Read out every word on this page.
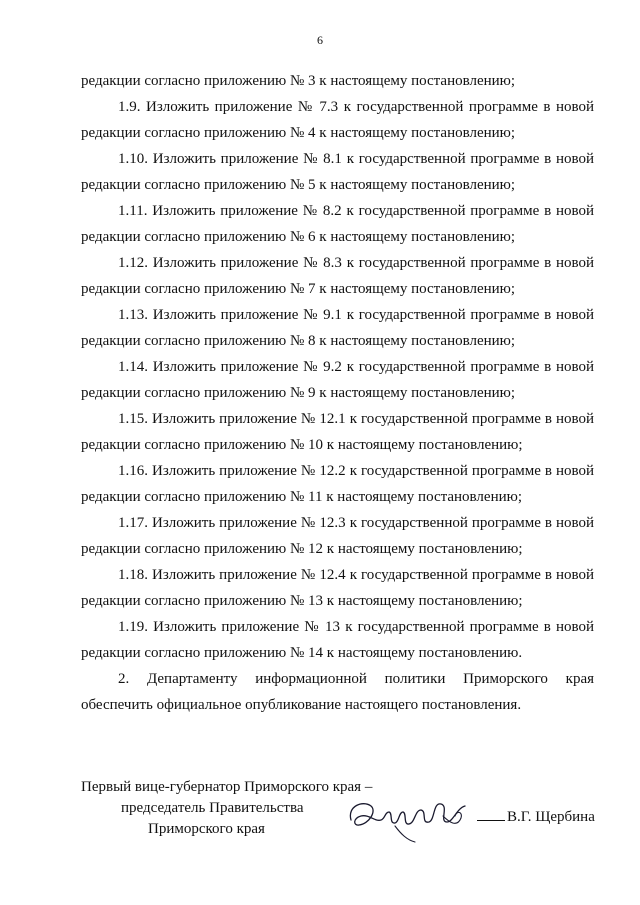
6
редакции согласно приложению № 3 к настоящему постановлению;
1.9. Изложить приложение № 7.3 к государственной программе в новой
редакции согласно приложению № 4 к настоящему постановлению;
1.10. Изложить приложение № 8.1 к государственной программе в новой
редакции согласно приложению № 5 к настоящему постановлению;
1.11. Изложить приложение № 8.2 к государственной программе в новой
редакции согласно приложению № 6 к настоящему постановлению;
1.12. Изложить приложение № 8.3 к государственной программе в новой
редакции согласно приложению № 7 к настоящему постановлению;
1.13. Изложить приложение № 9.1 к государственной программе в новой
редакции согласно приложению № 8 к настоящему постановлению;
1.14. Изложить приложение № 9.2 к государственной программе в новой
редакции согласно приложению № 9 к настоящему постановлению;
1.15. Изложить приложение № 12.1 к государственной программе в новой
редакции согласно приложению № 10 к настоящему постановлению;
1.16. Изложить приложение № 12.2 к государственной программе в новой
редакции согласно приложению № 11 к настоящему постановлению;
1.17. Изложить приложение № 12.3 к государственной программе в новой
редакции согласно приложению № 12 к настоящему постановлению;
1.18. Изложить приложение № 12.4 к государственной программе в новой
редакции согласно приложению № 13 к настоящему постановлению;
1.19. Изложить приложение № 13 к государственной программе в новой
редакции согласно приложению № 14 к настоящему постановлению.
2. Департаменту информационной политики Приморского края
обеспечить официальное опубликование настоящего постановления.
Первый вице-губернатор Приморского края –
председатель Правительства
Приморского края
В.Г. Щербина
